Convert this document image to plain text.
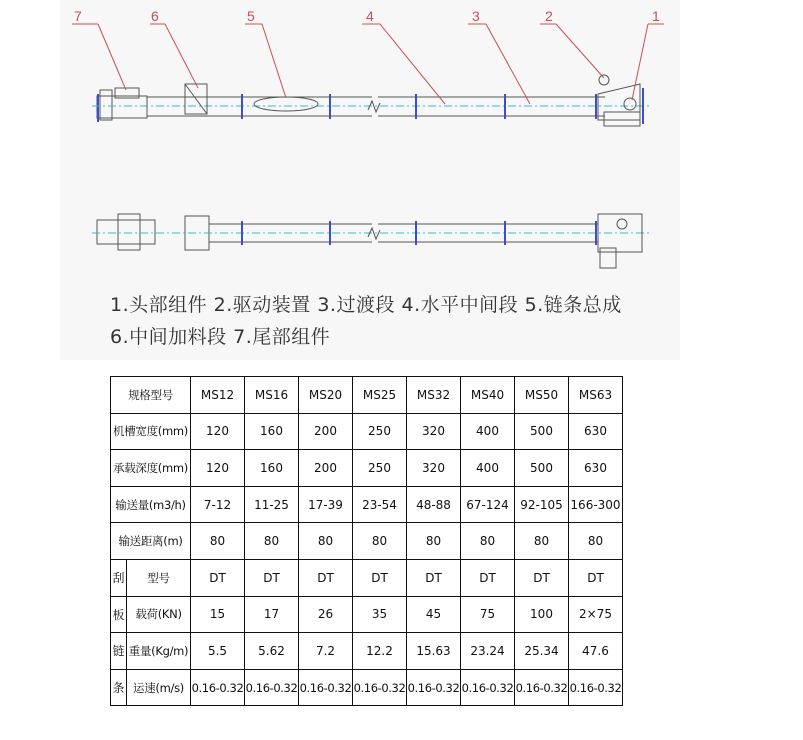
7	6	5	4	3	2	1
1.头部组件 2.驱动装置 3.过渡段 4.水平中间段 5.链条总成
6.中间加料段 7.尾部组件
规格型号		MS12	MS16	MS20	MS25	MS32	MS40	MS50	MS63
机槽宽度(mm)		120	160	200	250	320	400	500	630
承载深度(mm)		120	160	200	250	320	400	500	630
输送量(m3/h)		7-12	11-25	17-39	23-54	48-88	67-124	92-105	166-300
输送距离(m)		80	80	80	80	80	80	80	80
刮	型号	DT	DT	DT	DT	DT	DT	DT	DT
板	载荷(KN)	15	17	26	35	45	75	100	2×75
链	重量(Kg/m)	5.5	5.62	7.2	12.2	15.63	23.24	25.34	47.6
条	运速(m/s)	0.16-0.32	0.16-0.32	0.16-0.32	0.16-0.32	0.16-0.32	0.16-0.32	0.16-0.32	0.16-0.32
